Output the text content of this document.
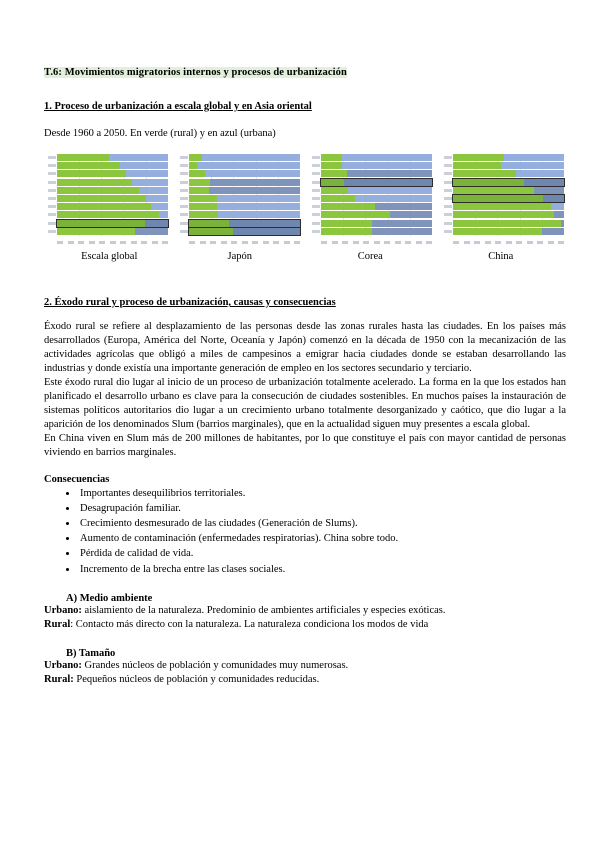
T.6: Movimientos migratorios internos y procesos de urbanización
1. Proceso de urbanización a escala global y en Asia oriental

Desde 1960 a 2050. En verde (rural) y en azul (urbana)

Escala global	Japón	Corea	China
2. Éxodo rural y proceso de urbanización, causas y consecuencias

Éxodo rural se refiere al desplazamiento de las personas desde las zonas rurales hasta las ciudades. En los países más desarrollados (Europa, América del Norte, Oceanía y Japón) comenzó en la década de 1950 con la mecanización de las actividades agrícolas que obligó a miles de campesinos a emigrar hacia ciudades donde se estaban desarrollando las industrias y donde existía una importante generación de empleo en los sectores secundario y terciario.

Este éxodo rural dio lugar al inicio de un proceso de urbanización totalmente acelerado. La forma en la que los estados han planificado el desarrollo urbano es clave para la consecución de ciudades sostenibles. En muchos países la instauración de sistemas políticos autoritarios dio lugar a un crecimiento urbano totalmente desorganizado y caótico, que dio lugar a la aparición de los denominados Slum (barrios marginales), que en la actualidad siguen muy presentes a escala global.

En China viven en Slum más de 200 millones de habitantes, por lo que constituye el país con mayor cantidad de personas viviendo en barrios marginales.

Consecuencias
• Importantes desequilibrios territoriales.
• Desagrupación familiar.
• Crecimiento desmesurado de las ciudades (Generación de Slums).
• Aumento de contaminación (enfermedades respiratorias). China sobre todo.
• Pérdida de calidad de vida.
• Incremento de la brecha entre las clases sociales.
A) Medio ambiente

Urbano: aislamiento de la naturaleza. Predominio de ambientes artificiales y especies exóticas.

Rural: Contacto más directo con la naturaleza. La naturaleza condiciona los modos de vida

B) Tamaño

Urbano: Grandes núcleos de población y comunidades muy numerosas.

Rural: Pequeños núcleos de población y comunidades reducidas.
